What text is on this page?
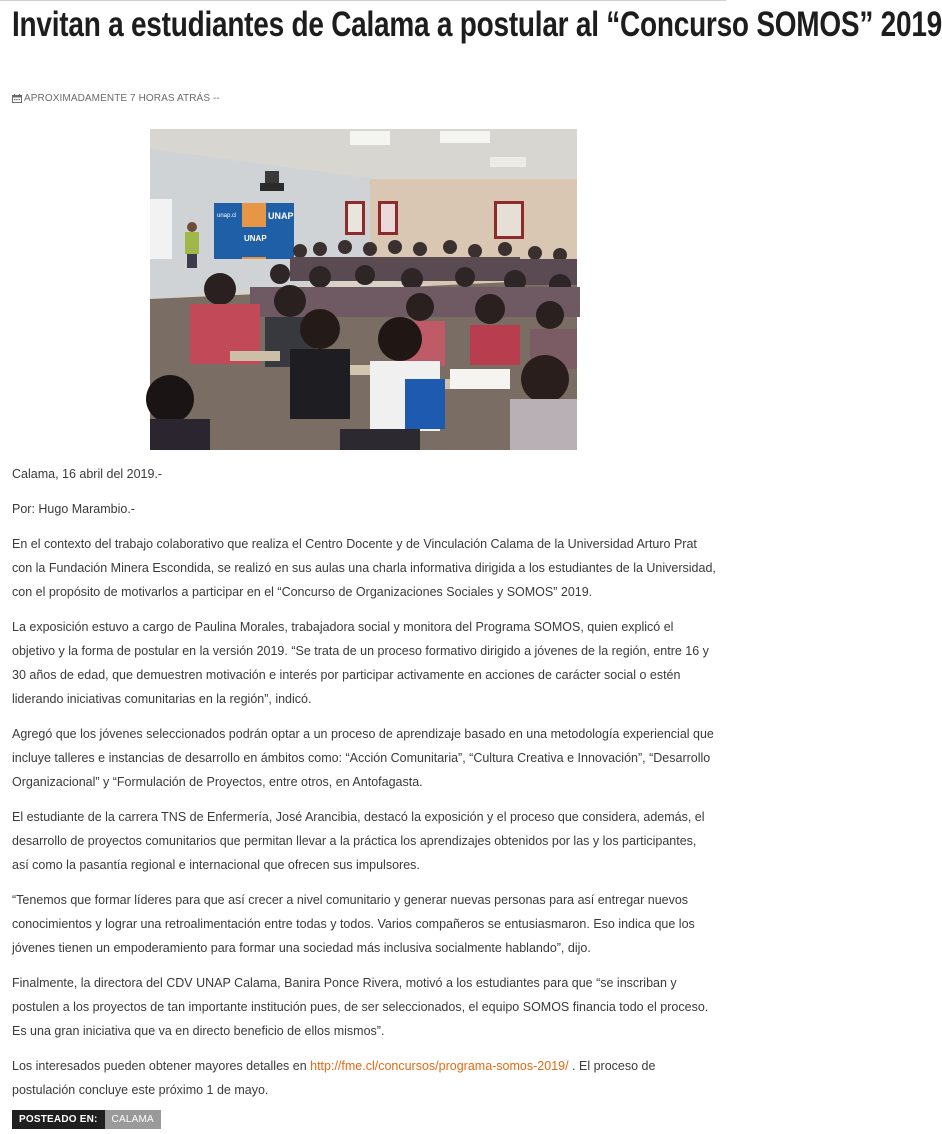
Invitan a estudiantes de Calama a postular al “Concurso SOMOS” 2019
APROXIMADAMENTE 7 HORAS ATRÁS --
unap.cl	UNAP
UNAP

Calama, 16 abril del 2019.-

Por: Hugo Marambio.-

En el contexto del trabajo colaborativo que realiza el Centro Docente y de Vinculación Calama de la Universidad Arturo Prat con la Fundación Minera Escondida, se realizó en sus aulas una charla informativa dirigida a los estudiantes de la Universidad, con el propósito de motivarlos a participar en el “Concurso de Organizaciones Sociales y SOMOS” 2019.

La exposición estuvo a cargo de Paulina Morales, trabajadora social y monitora del Programa SOMOS, quien explicó el objetivo y la forma de postular en la versión 2019. “Se trata de un proceso formativo dirigido a jóvenes de la región, entre 16 y 30 años de edad, que demuestren motivación e interés por participar activamente en acciones de carácter social o estén liderando iniciativas comunitarias en la región”, indicó.

Agregó que los jóvenes seleccionados podrán optar a un proceso de aprendizaje basado en una metodología experiencial que incluye talleres e instancias de desarrollo en ámbitos como: “Acción Comunitaria”, “Cultura Creativa e Innovación”, “Desarrollo Organizacional” y “Formulación de Proyectos, entre otros, en Antofagasta.

El estudiante de la carrera TNS de Enfermería, José Arancibia, destacó la exposición y el proceso que considera, además, el desarrollo de proyectos comunitarios que permitan llevar a la práctica los aprendizajes obtenidos por las y los participantes, así como la pasantía regional e internacional que ofrecen sus impulsores.

“Tenemos que formar líderes para que así crecer a nivel comunitario y generar nuevas personas para así entregar nuevos conocimientos y lograr una retroalimentación entre todas y todos. Varios compañeros se entusiasmaron. Eso indica que los jóvenes tienen un empoderamiento para formar una sociedad más inclusiva socialmente hablando”, dijo.

Finalmente, la directora del CDV UNAP Calama, Banira Ponce Rivera, motivó a los estudiantes para que “se inscriban y postulen a los proyectos de tan importante institución pues, de ser seleccionados, el equipo SOMOS financia todo el proceso. Es una gran iniciativa que va en directo beneficio de ellos mismos”.

Los interesados pueden obtener mayores detalles en http://fme.cl/concursos/programa-somos-2019/ . El proceso de postulación concluye este próximo 1 de mayo.

POSTEADO EN:	CALAMA
